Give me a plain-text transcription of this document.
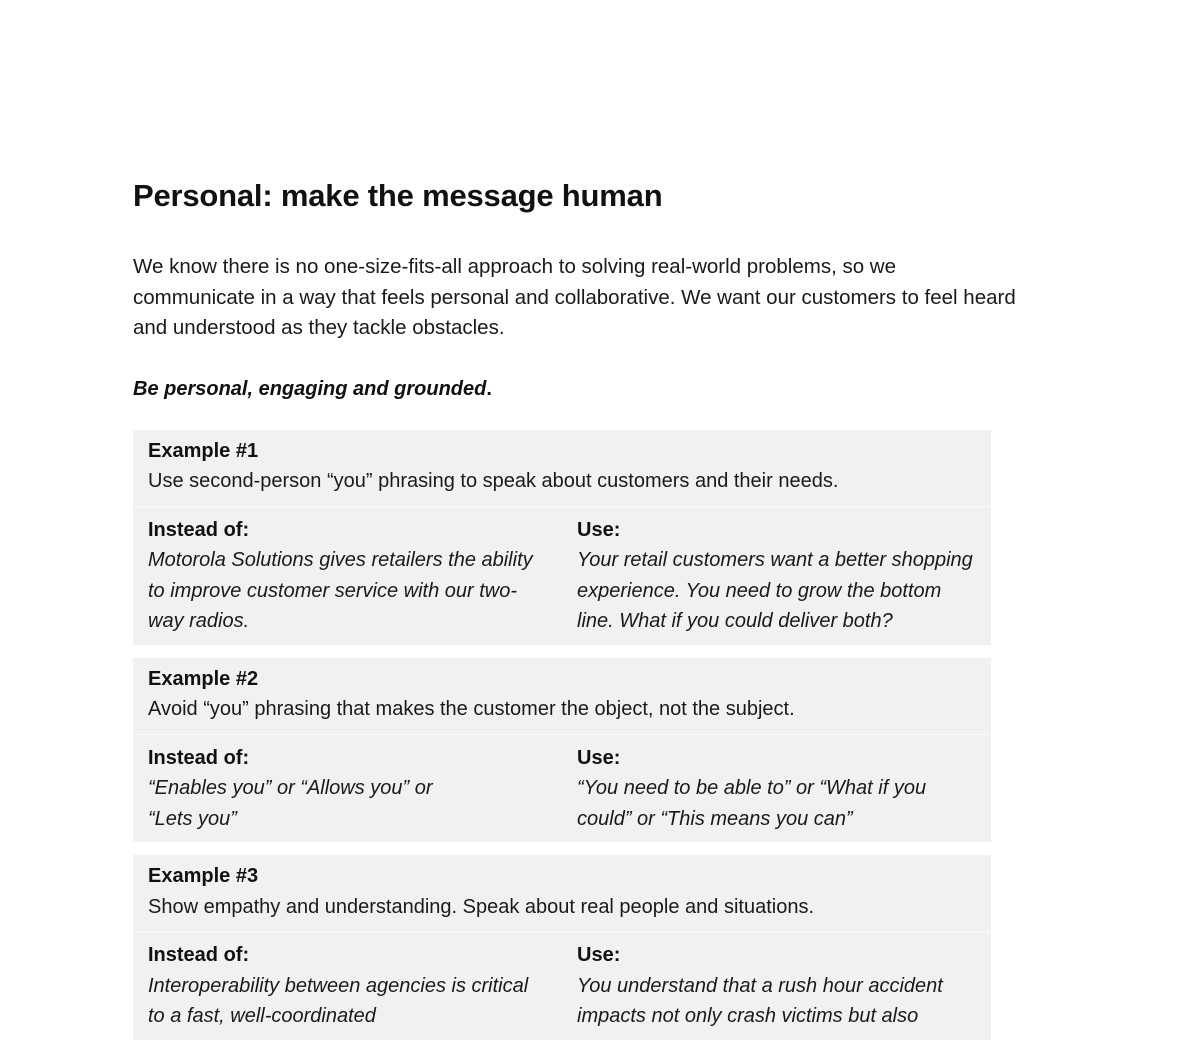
Personal: make the message human

We know there is no one-size-fits-all approach to solving real-world problems, so we communicate in a way that feels personal and collaborative. We want our customers to feel heard and understood as they tackle obstacles.

Be personal, engaging and grounded.

Example #1
Use second-person “you” phrasing to speak about customers and their needs.
Instead of:
Motorola Solutions gives retailers the ability to improve customer service with our two-way radios.
Use:
Your retail customers want a better shopping experience. You need to grow the bottom line. What if you could deliver both?
Example #2
Avoid “you” phrasing that makes the customer the object, not the subject.
Instead of:
“Enables you” or “Allows you” or “Lets you”
Use:
“You need to be able to” or “What if you could” or “This means you can”
Example #3
Show empathy and understanding. Speak about real people and situations.
Instead of:
Interoperability between agencies is critical to a fast, well-coordinated
Use:
You understand that a rush hour accident impacts not only crash victims but also
